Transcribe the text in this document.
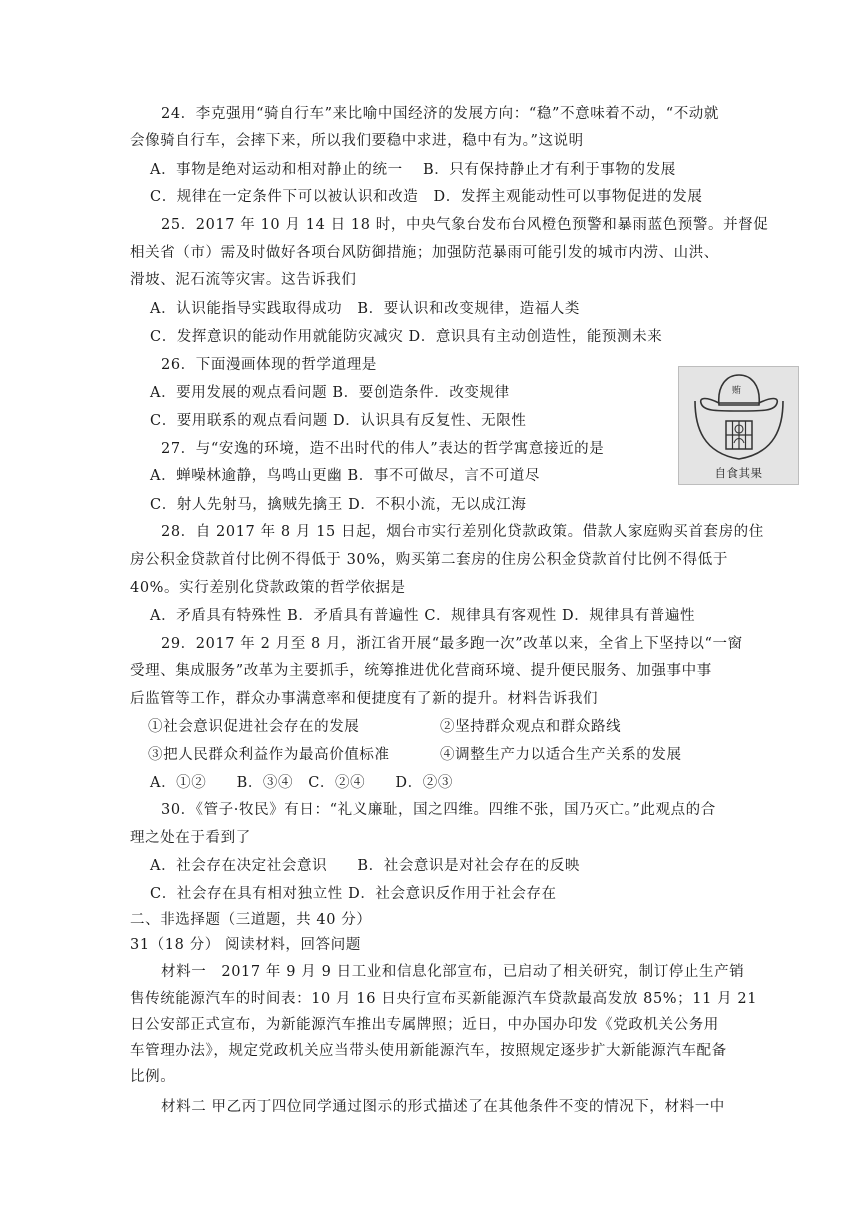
24．李克强用“骑自行车”来比喻中国经济的发展方向：“稳”不意味着不动，“不动就
会像骑自行车，会摔下来，所以我们要稳中求进，稳中有为。”这说明
A．事物是绝对运动和相对静止的统一　 B．只有保持静止才有利于事物的发展
C．规律在一定条件下可以被认识和改造　D．发挥主观能动性可以事物促进的发展
25．2017 年 10 月 14 日 18 时，中央气象台发布台风橙色预警和暴雨蓝色预警。并督促
相关省（市）需及时做好各项台风防御措施；加强防范暴雨可能引发的城市内涝、山洪、
滑坡、泥石流等灾害。这告诉我们
A．认识能指导实践取得成功　B．要认识和改变规律，造福人类
C．发挥意识的能动作用就能防灾减灾 D．意识具有主动创造性，能预测未来
26．下面漫画体现的哲学道理是
A．要用发展的观点看问题 B．要创造条件．改变规律
C．要用联系的观点看问题 D．认识具有反复性、无限性
贿
自食其果
27．与“安逸的环境，造不出时代的伟人”表达的哲学寓意接近的是
A．蝉噪林逾静，鸟鸣山更幽 B．事不可做尽，言不可道尽
C．射人先射马，擒贼先擒王 D．不积小流，无以成江海
28．自 2017 年 8 月 15 日起，烟台市实行差别化贷款政策。借款人家庭购买首套房的住
房公积金贷款首付比例不得低于 30%，购买第二套房的住房公积金贷款首付比例不得低于
40%。实行差别化贷款政策的哲学依据是
A．矛盾具有特殊性 B．矛盾具有普遍性 C．规律具有客观性 D．规律具有普遍性
29．2017 年 2 月至 8 月，浙江省开展“最多跑一次”改革以来，全省上下坚持以“一窗
受理、集成服务”改革为主要抓手，统筹推进优化营商环境、提升便民服务、加强事中事
后监管等工作，群众办事满意率和便捷度有了新的提升。材料告诉我们
①社会意识促进社会存在的发展	②坚持群众观点和群众路线
③把人民群众利益作为最高价值标准	④调整生产力以适合生产关系的发展
A．①②　　B．③④　C．②④　　D．②③
30．《管子·牧民》有日：“礼义廉耻，国之四维。四维不张，国乃灭亡。”此观点的合
理之处在于看到了
A．社会存在决定社会意识　　B．社会意识是对社会存在的反映
C．社会存在具有相对独立性 D．社会意识反作用于社会存在
二、非选择题（三道题，共 40 分）
31（18 分） 阅读材料，回答问题
材料一　2017 年 9 月 9 日工业和信息化部宣布，已启动了相关研究，制订停止生产销
售传统能源汽车的时间表：10 月 16 日央行宣布买新能源汽车贷款最高发放 85%；11 月 21
日公安部正式宣布，为新能源汽车推出专属牌照；近日，中办国办印发《党政机关公务用
车管理办法》，规定党政机关应当带头使用新能源汽车，按照规定逐步扩大新能源汽车配备
比例。
材料二 甲乙丙丁四位同学通过图示的形式描述了在其他条件不变的情况下，材料一中
